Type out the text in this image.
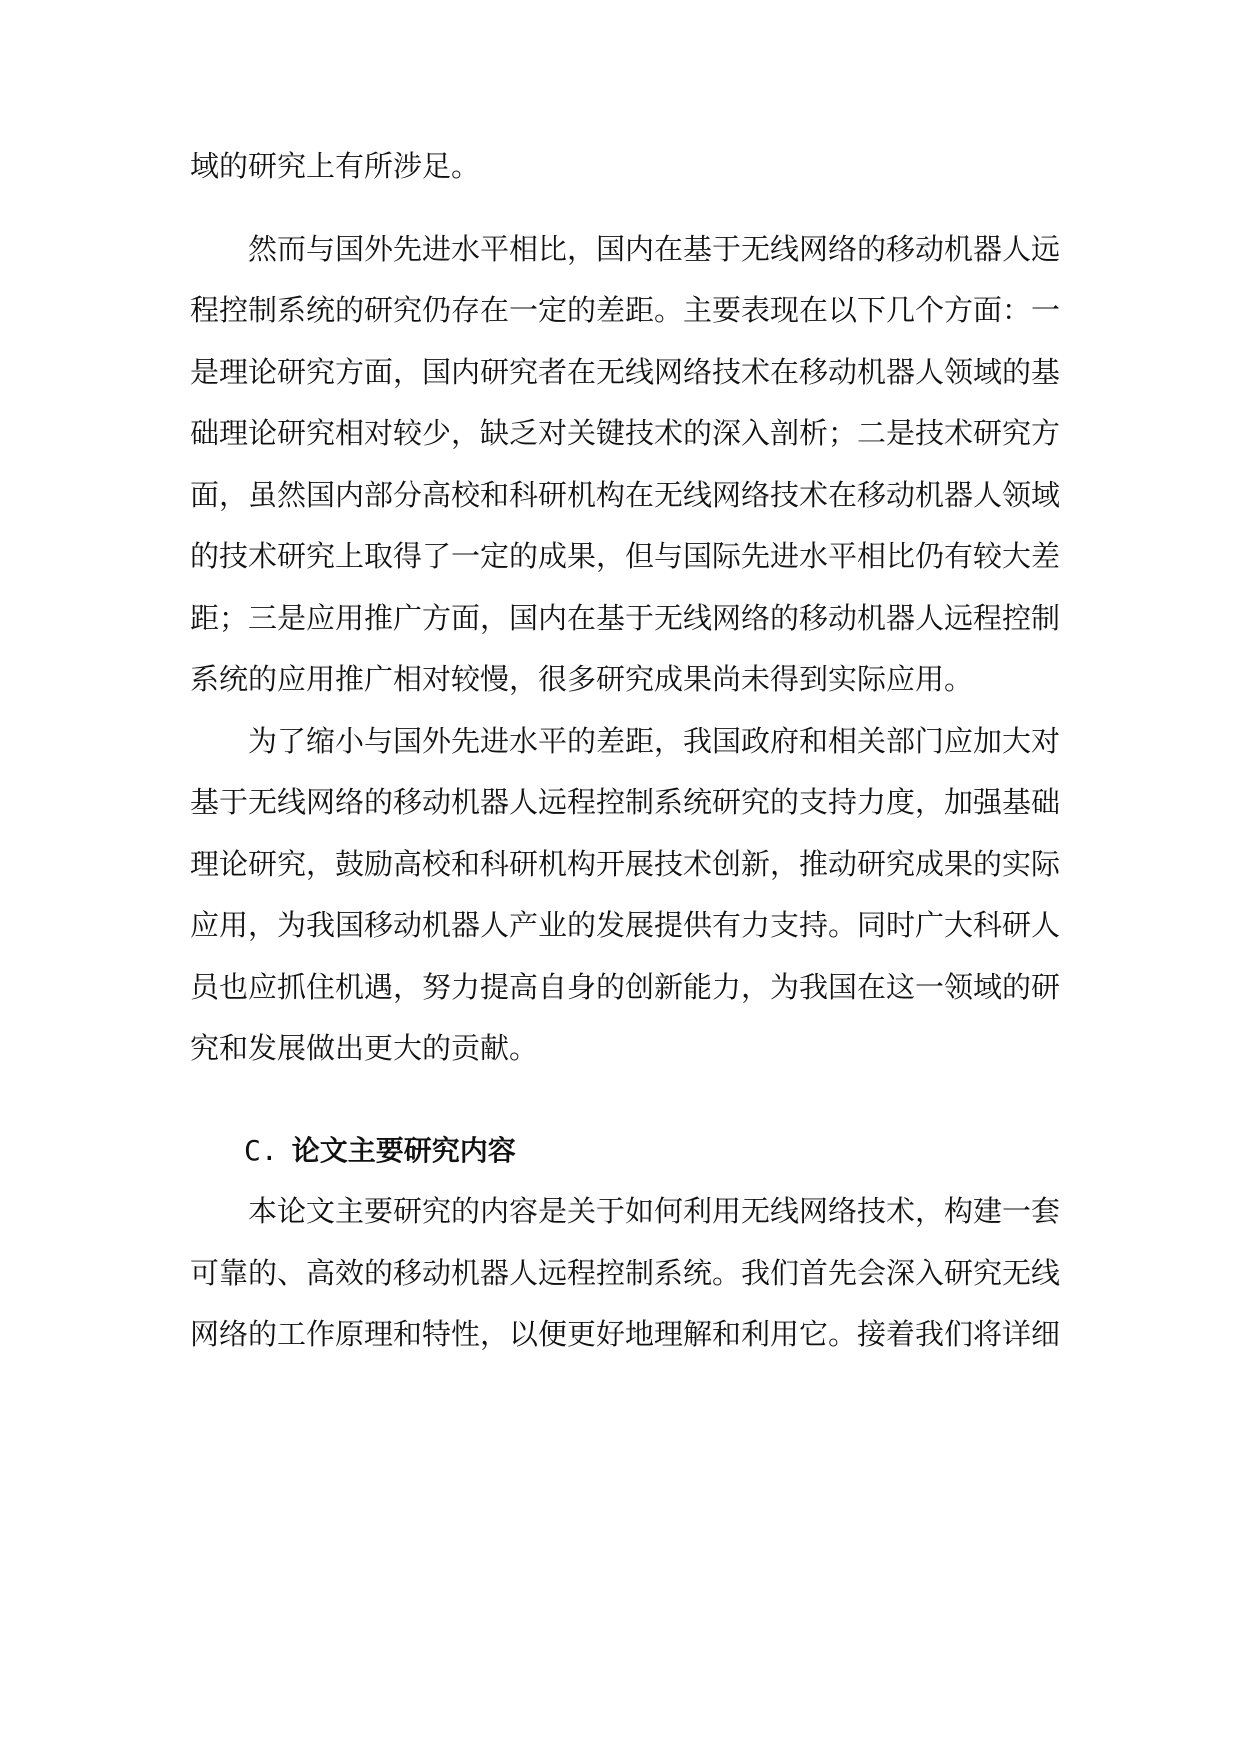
域的研究上有所涉足。

然而与国外先进水平相比，国内在基于无线网络的移动机器人远程控制系统的研究仍存在一定的差距。主要表现在以下几个方面：一是理论研究方面，国内研究者在无线网络技术在移动机器人领域的基础理论研究相对较少，缺乏对关键技术的深入剖析；二是技术研究方面，虽然国内部分高校和科研机构在无线网络技术在移动机器人领域的技术研究上取得了一定的成果，但与国际先进水平相比仍有较大差距；三是应用推广方面，国内在基于无线网络的移动机器人远程控制系统的应用推广相对较慢，很多研究成果尚未得到实际应用。

为了缩小与国外先进水平的差距，我国政府和相关部门应加大对基于无线网络的移动机器人远程控制系统研究的支持力度，加强基础理论研究，鼓励高校和科研机构开展技术创新，推动研究成果的实际应用，为我国移动机器人产业的发展提供有力支持。同时广大科研人员也应抓住机遇，努力提高自身的创新能力，为我国在这一领域的研究和发展做出更大的贡献。

C. 论文主要研究内容

本论文主要研究的内容是关于如何利用无线网络技术，构建一套可靠的、高效的移动机器人远程控制系统。我们首先会深入研究无线网络的工作原理和特性，以便更好地理解和利用它。接着我们将详细
